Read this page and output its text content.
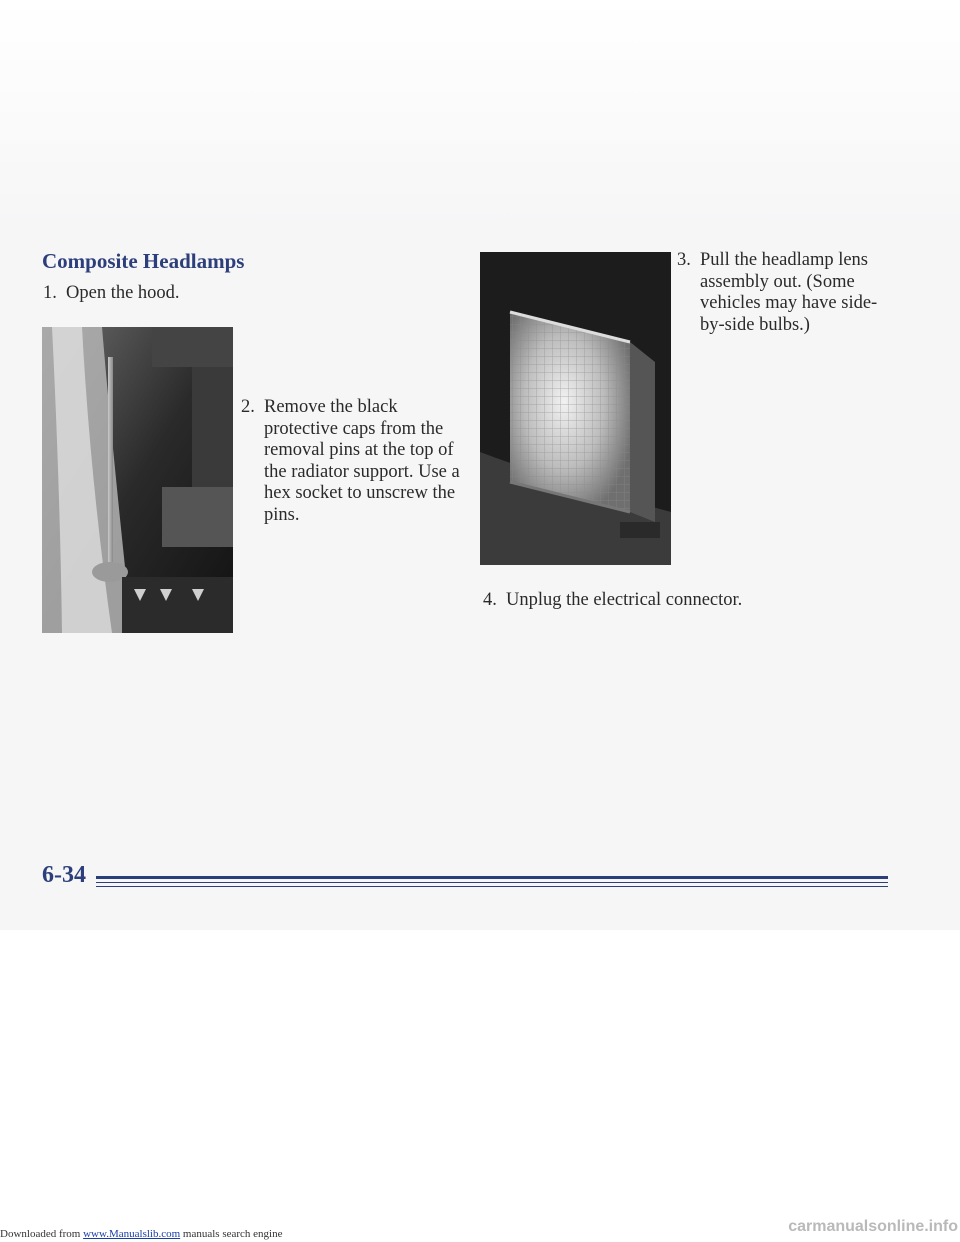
Composite Headlamps
1. Open the hood.
2. Remove the black protective caps from the removal pins at the top of the radiator support. Use a hex socket to unscrew the pins.
3. Pull the headlamp lens assembly out. (Some vehicles may have side-by-side bulbs.)
4. Unplug the electrical connector.
6-34
Downloaded from www.Manualslib.com manuals search engine	carmanualsonline.info
